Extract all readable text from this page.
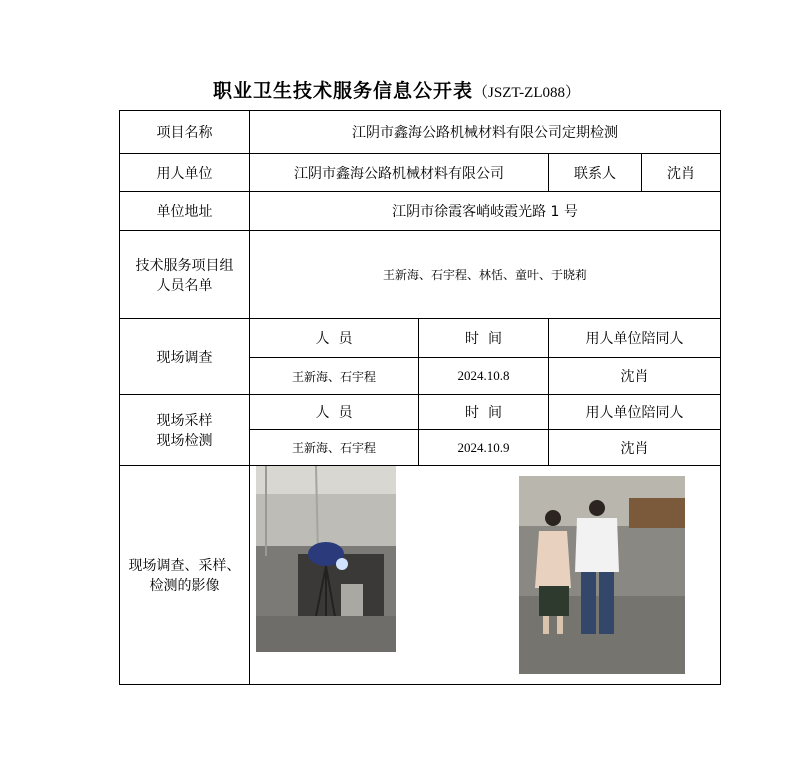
职业卫生技术服务信息公开表（JSZT-ZL088）
项目名称	江阴市鑫海公路机械材料有限公司定期检测			
用人单位	江阴市鑫海公路机械材料有限公司		联系人	沈肖
单位地址	江阴市徐霞客峭岐霞光路 1 号			

技术服务项目组
人员名单	王新海、石宇程、林恬、童叶、于晓莉			
现场调查	人  员	时  间	用人单位陪同人	
	王新海、石宇程	2024.10.8	沈肖	

现场采样
现场检测	人  员	时  间	用人单位陪同人	
	王新海、石宇程	2024.10.9	沈肖	

现场调查、采样、
检测的影像
